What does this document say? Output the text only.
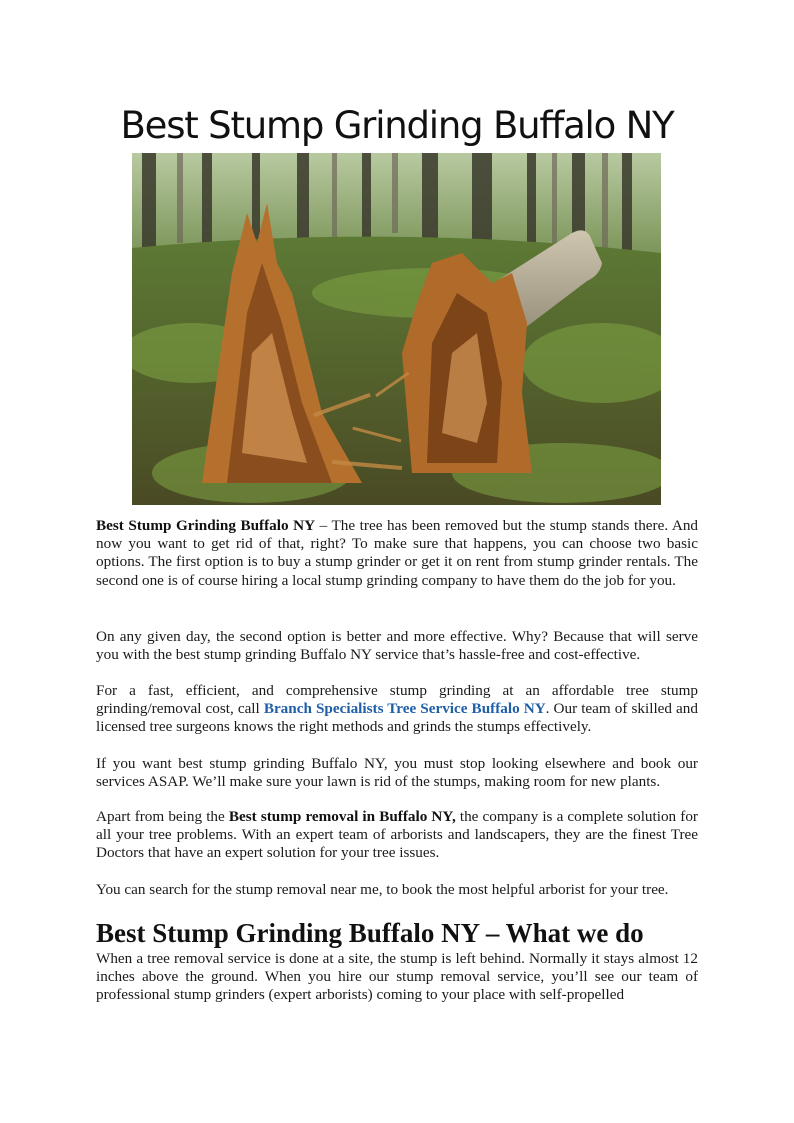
Best Stump Grinding Buffalo NY

Best Stump Grinding Buffalo NY – The tree has been removed but the stump stands there. And now you want to get rid of that, right? To make sure that happens, you can choose two basic options. The first option is to buy a stump grinder or get it on rent from stump grinder rentals. The second one is of course hiring a local stump grinding company to have them do the job for you.

On any given day, the second option is better and more effective. Why? Because that will serve you with the best stump grinding Buffalo NY service that’s hassle-free and cost-effective.

For a fast, efficient, and comprehensive stump grinding at an affordable tree stump grinding/removal cost, call Branch Specialists Tree Service Buffalo NY. Our team of skilled and licensed tree surgeons knows the right methods and grinds the stumps effectively.

If you want best stump grinding Buffalo NY, you must stop looking elsewhere and book our services ASAP. We’ll make sure your lawn is rid of the stumps, making room for new plants.

Apart from being the Best stump removal in Buffalo NY, the company is a complete solution for all your tree problems. With an expert team of arborists and landscapers, they are the finest Tree Doctors that have an expert solution for your tree issues.

You can search for the stump removal near me, to book the most helpful arborist for your tree.

Best Stump Grinding Buffalo NY – What we do

When a tree removal service is done at a site, the stump is left behind. Normally it stays almost 12 inches above the ground. When you hire our stump removal service, you’ll see our team of professional stump grinders (expert arborists) coming to your place with self-propelled
